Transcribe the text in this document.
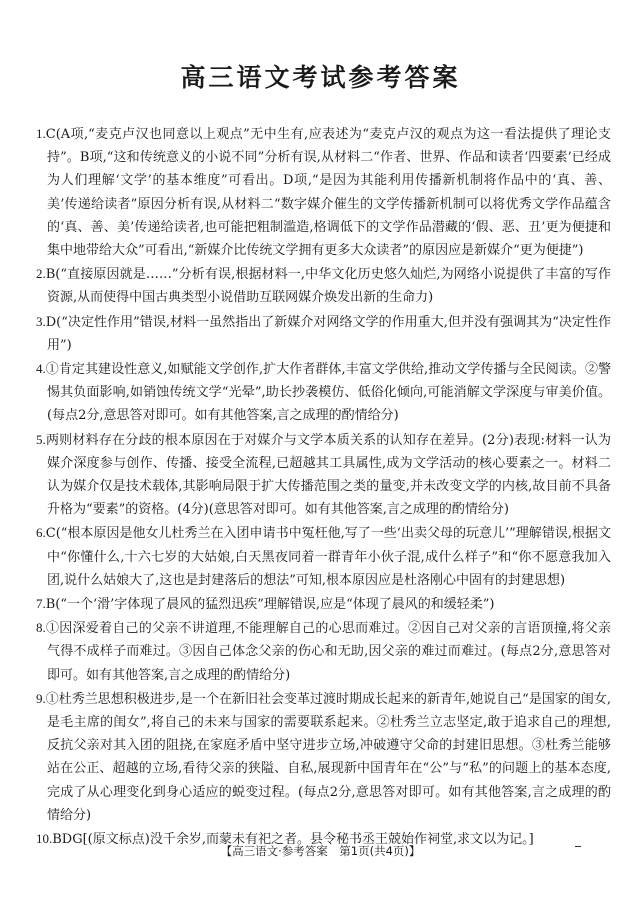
高三语文考试参考答案
1.C(A项,“麦克卢汉也同意以上观点”无中生有,应表述为“麦克卢汉的观点为这一看法提供了理论支持”。B项,“这和传统意义的小说不同”分析有误,从材料二“作者、世界、作品和读者‘四要素’已经成为人们理解‘文学’的基本维度”可看出。D项,“是因为其能利用传播新机制将作品中的‘真、善、美’传递给读者”原因分析有误,从材料二“数字媒介催生的文学传播新机制可以将优秀文学作品蕴含的‘真、善、美’传递给读者,也可能把粗制滥造,格调低下的文学作品潜藏的‘假、恶、丑’更为便捷和集中地带给大众”可看出,“新媒介比传统文学拥有更多大众读者”的原因应是新媒介“更为便捷”)
2.B(“直接原因就是……”分析有误,根据材料一,中华文化历史悠久灿烂,为网络小说提供了丰富的写作资源,从而使得中国古典类型小说借助互联网媒介焕发出新的生命力)
3.D(“决定性作用”错误,材料一虽然指出了新媒介对网络文学的作用重大,但并没有强调其为“决定性作用”)
4.①肯定其建设性意义,如赋能文学创作,扩大作者群体,丰富文学供给,推动文学传播与全民阅读。②警惕其负面影响,如销蚀传统文学“光晕”,助长抄袭模仿、低俗化倾向,可能消解文学深度与审美价值。(每点2分,意思答对即可。如有其他答案,言之成理的酌情给分)
5.两则材料存在分歧的根本原因在于对媒介与文学本质关系的认知存在差异。(2分)表现:材料一认为媒介深度参与创作、传播、接受全流程,已超越其工具属性,成为文学活动的核心要素之一。材料二认为媒介仅是技术载体,其影响局限于扩大传播范围之类的量变,并未改变文学的内核,故目前不具备升格为“要素”的资格。(4分)(意思答对即可。如有其他答案,言之成理的酌情给分)
6.C(“根本原因是他女儿杜秀兰在入团申请书中冤枉他,写了一些‘出卖父母的玩意儿’”理解错误,根据文中“你懂什么,十六七岁的大姑娘,白天黑夜同着一群青年小伙子混,成什么样子”和“你不愿意我加入团,说什么姑娘大了,这也是封建落后的想法”可知,根本原因应是杜洛刚心中固有的封建思想)
7.B(“一个‘滑’字体现了晨风的猛烈迅疾”理解错误,应是“体现了晨风的和缓轻柔”)
8.①因深爱着自己的父亲不讲道理,不能理解自己的心思而难过。②因自己对父亲的言语顶撞,将父亲气得不成样子而难过。③因自己体念父亲的伤心和无助,因父亲的难过而难过。(每点2分,意思答对即可。如有其他答案,言之成理的酌情给分)
9.①杜秀兰思想积极进步,是一个在新旧社会变革过渡时期成长起来的新青年,她说自己“是国家的闺女,是毛主席的闺女”,将自己的未来与国家的需要联系起来。②杜秀兰立志坚定,敢于追求自己的理想,反抗父亲对其入团的阻挠,在家庭矛盾中坚守进步立场,冲破遵守父命的封建旧思想。③杜秀兰能够站在公正、超越的立场,看待父亲的狭隘、自私,展现新中国青年在“公”与“私”的问题上的基本态度,完成了从心理变化到身心适应的蜕变过程。(每点2分,意思答对即可。如有其他答案,言之成理的酌情给分)
10.BDG[(原文标点)没千余岁,而蒙未有祀之者。县令秘书丞王兢始作祠堂,求文以为记。]
【高三语文·参考答案　第1页(共4页)】
